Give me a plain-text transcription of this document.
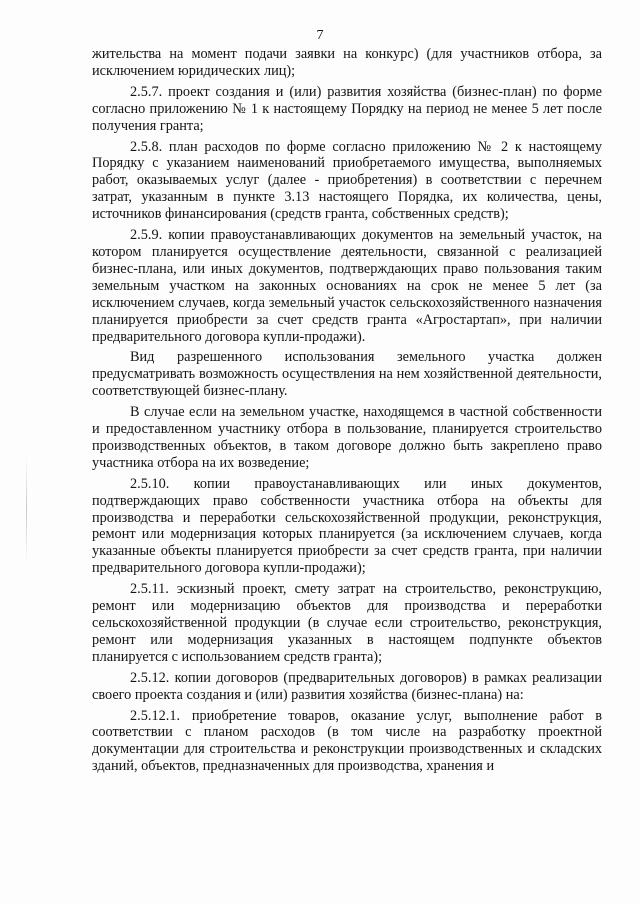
7

жительства на момент подачи заявки на конкурс) (для участников отбора, за исключением юридических лиц);

2.5.7. проект создания и (или) развития хозяйства (бизнес-план) по форме согласно приложению № 1 к настоящему Порядку на период не менее 5 лет после получения гранта;

2.5.8. план расходов по форме согласно приложению № 2 к настоящему Порядку с указанием наименований приобретаемого имущества, выполняемых работ, оказываемых услуг (далее - приобретения) в соответствии с перечнем затрат, указанным в пункте 3.13 настоящего Порядка, их количества, цены, источников финансирования (средств гранта, собственных средств);

2.5.9. копии правоустанавливающих документов на земельный участок, на котором планируется осуществление деятельности, связанной с реализацией бизнес-плана, или иных документов, подтверждающих право пользования таким земельным участком на законных основаниях на срок не менее 5 лет (за исключением случаев, когда земельный участок сельскохозяйственного назначения планируется приобрести за счет средств гранта «Агростартап», при наличии предварительного договора купли-продажи).

Вид разрешенного использования земельного участка должен предусматривать возможность осуществления на нем хозяйственной деятельности, соответствующей бизнес-плану.

В случае если на земельном участке, находящемся в частной собственности и предоставленном участнику отбора в пользование, планируется строительство производственных объектов, в таком договоре должно быть закреплено право участника отбора на их возведение;

2.5.10. копии правоустанавливающих или иных документов, подтверждающих право собственности участника отбора на объекты для производства и переработки сельскохозяйственной продукции, реконструкция, ремонт или модернизация которых планируется (за исключением случаев, когда указанные объекты планируется приобрести за счет средств гранта, при наличии предварительного договора купли-продажи);

2.5.11. эскизный проект, смету затрат на строительство, реконструкцию, ремонт или модернизацию объектов для производства и переработки сельскохозяйственной продукции (в случае если строительство, реконструкция, ремонт или модернизация указанных в настоящем подпункте объектов планируется с использованием средств гранта);

2.5.12. копии договоров (предварительных договоров) в рамках реализации своего проекта создания и (или) развития хозяйства (бизнес-плана) на:

2.5.12.1. приобретение товаров, оказание услуг, выполнение работ в соответствии с планом расходов (в том числе на разработку проектной документации для строительства и реконструкции производственных и складских зданий, объектов, предназначенных для производства, хранения и
